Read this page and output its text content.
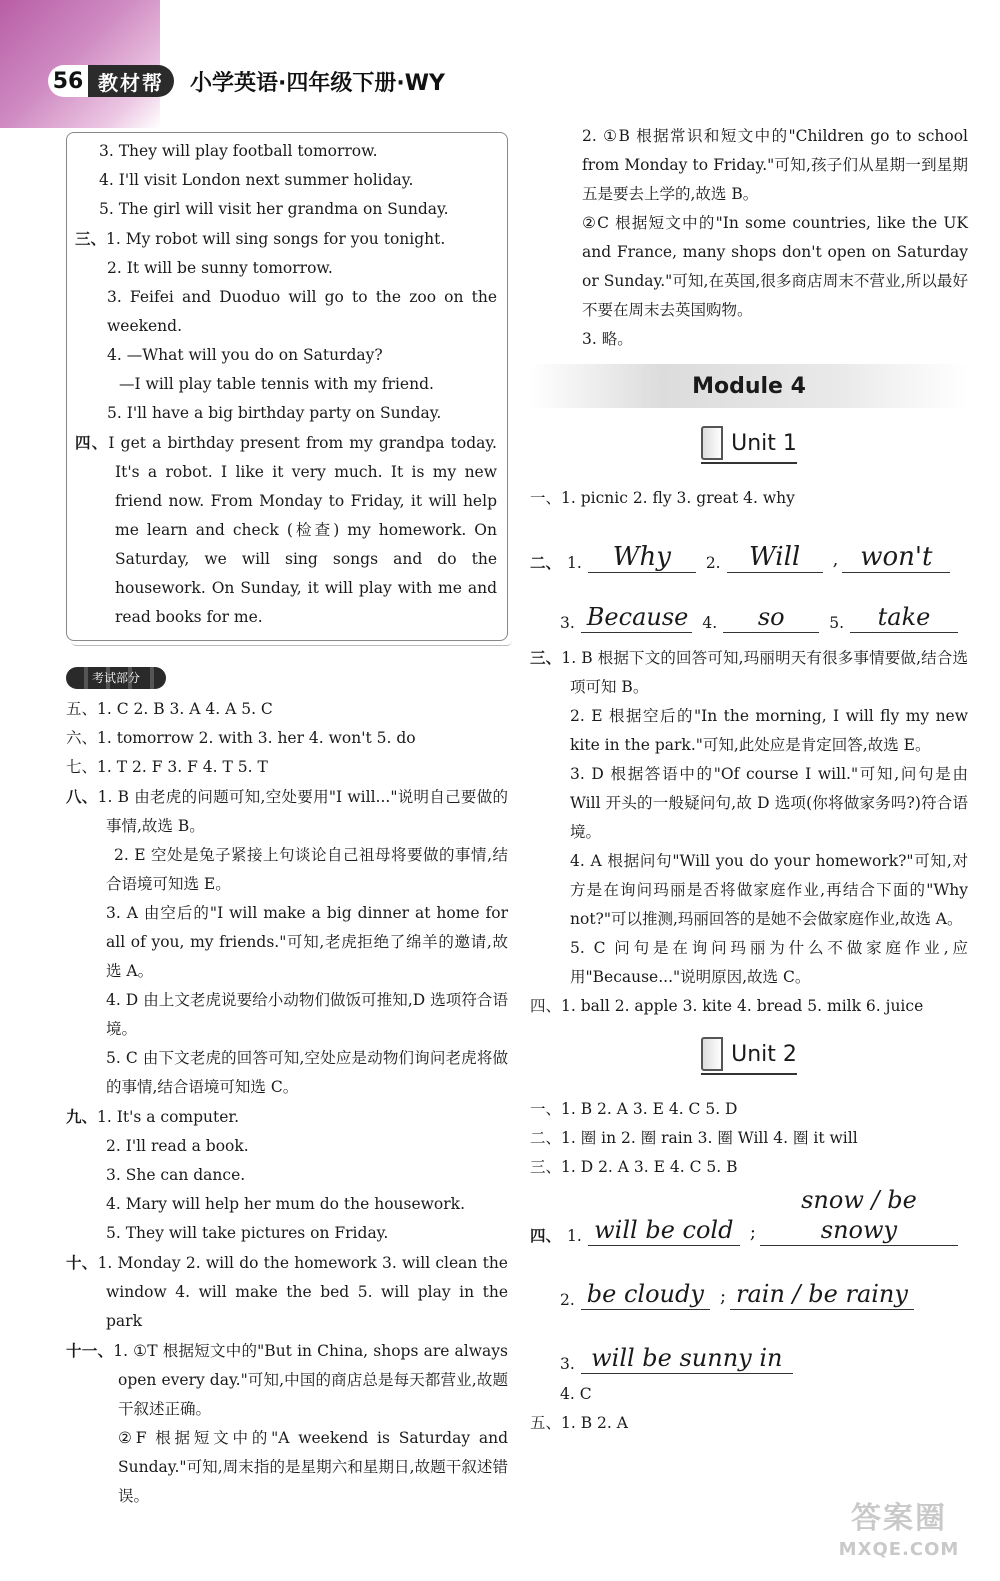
56 教材帮	小学英语·四年级下册·WY
3. They will play football tomorrow.
4. I'll visit London next summer holiday.
5. The girl will visit her grandma on Sunday.
三、1. My robot will sing songs for you tonight.
2. It will be sunny tomorrow.
3. Feifei and Duoduo will go to the zoo on the weekend.
4. —What will you do on Saturday?
—I will play table tennis with my friend.
5. I'll have a big birthday party on Sunday.
四、I get a birthday present from my grandpa today. It's a robot. I like it very much. It is my new friend now. From Monday to Friday, it will help me learn and check (检查) my homework. On Saturday, we will sing songs and do the housework. On Sunday, it will play with me and read books for me.
考试部分
五、1. C 2. B 3. A 4. A 5. C
六、1. tomorrow 2. with 3. her 4. won't 5. do
七、1. T 2. F 3. F 4. T 5. T
八、1. B 由老虎的问题可知,空处要用"I will..."说明自己要做的事情,故选 B。
2. E 空处是兔子紧接上句谈论自己祖母将要做的事情,结合语境可知选 E。
3. A 由空后的"I will make a big dinner at home for all of you, my friends."可知,老虎拒绝了绵羊的邀请,故选 A。
4. D 由上文老虎说要给小动物们做饭可推知,D 选项符合语境。
5. C 由下文老虎的回答可知,空处应是动物们询问老虎将做的事情,结合语境可知选 C。
九、1. It's a computer.
2. I'll read a book.
3. She can dance.
4. Mary will help her mum do the housework.
5. They will take pictures on Friday.
十、1. Monday 2. will do the homework 3. will clean the window 4. will make the bed 5. will play in the park
十一、1. ①T 根据短文中的"But in China, shops are always open every day."可知,中国的商店总是每天都营业,故题干叙述正确。
②F 根据短文中的"A weekend is Saturday and Sunday."可知,周末指的是星期六和星期日,故题干叙述错误。
2. ①B 根据常识和短文中的"Children go to school from Monday to Friday."可知,孩子们从星期一到星期五是要去上学的,故选 B。
②C 根据短文中的"In some countries, like the UK and France, many shops don't open on Saturday or Sunday."可知,在英国,很多商店周末不营业,所以最好不要在周末去英国购物。
3. 略。
Module 4
Unit 1
一、1. picnic 2. fly 3. great 4. why
二、 1.	Why	2.	Will	, won't
3. Because 4.	so	5.	take
三、1. B 根据下文的回答可知,玛丽明天有很多事情要做,结合选项可知 B。
2. E 根据空后的"In the morning, I will fly my new kite in the park."可知,此处应是肯定回答,故选 E。
3. D 根据答语中的"Of course I will."可知,问句是由 Will 开头的一般疑问句,故 D 选项(你将做家务吗?)符合语境。
4. A 根据问句"Will you do your homework?"可知,对方是在询问玛丽是否将做家庭作业,再结合下面的"Why not?"可以推测,玛丽回答的是她不会做家庭作业,故选 A。
5. C 问句是在询问玛丽为什么不做家庭作业,应用"Because..."说明原因,故选 C。
四、1. ball 2. apple 3. kite 4. bread 5. milk 6. juice
Unit 2
一、1. B 2. A 3. E 4. C 5. D
二、1. 圈 in 2. 圈 rain 3. 圈 Will 4. 圈 it will
三、1. D 2. A 3. E 4. C 5. B
四、 1. will be cold ;
snow / be snowy
2. be cloudy ; rain / be rainy
3. will be sunny in
4. C
五、1. B 2. A
答案圈
MXQE.COM
